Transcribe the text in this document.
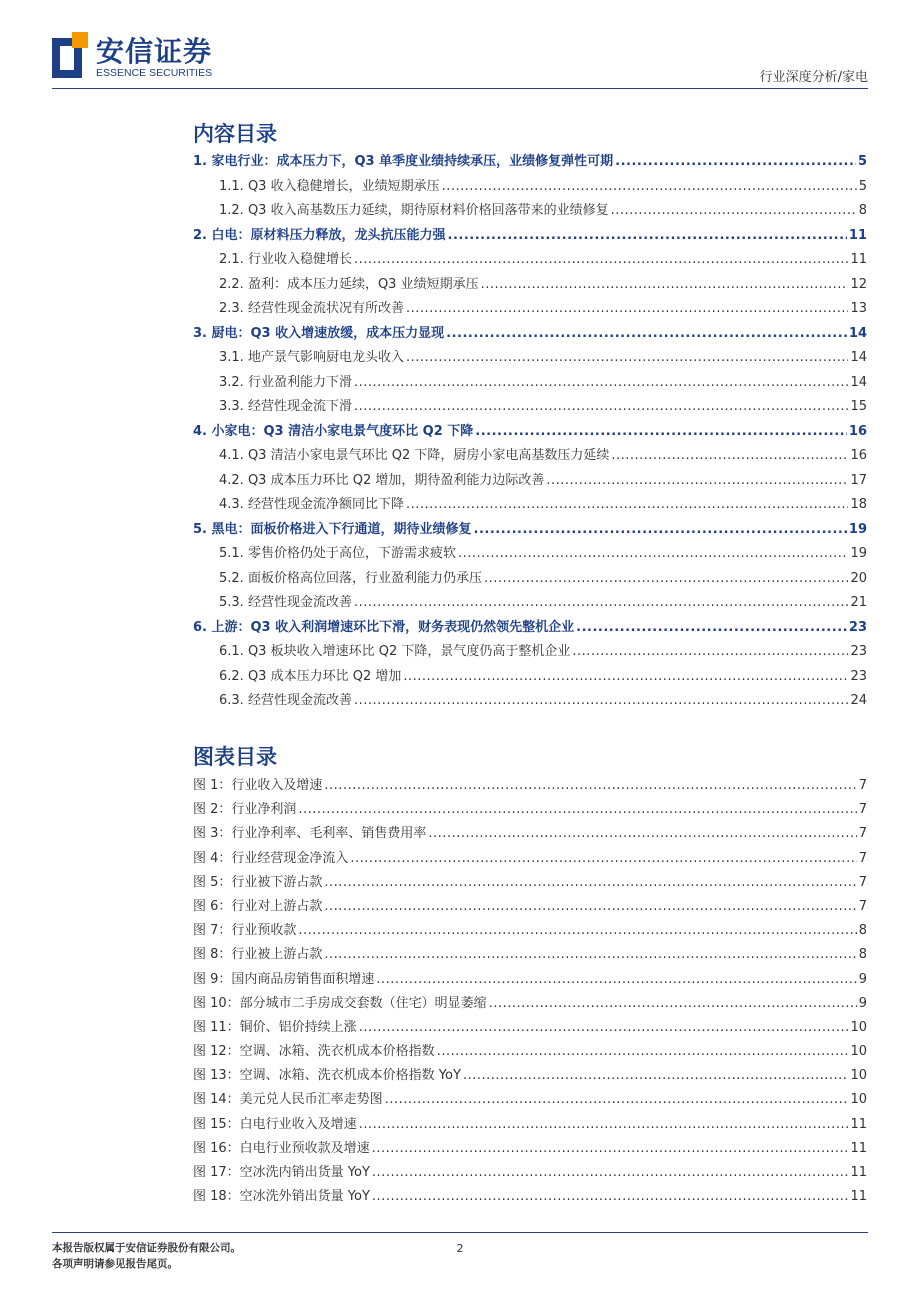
安信证券
ESSENCE SECURITIES	行业深度分析/家电
内容目录
1. 家电行业：成本压力下，Q3 单季度业绩持续承压，业绩修复弹性可期 .....	5
1.1. Q3 收入稳健增长，业绩短期承压 .....	5
1.2. Q3 收入高基数压力延续，期待原材料价格回落带来的业绩修复 .....	8
2. 白电：原材料压力释放，龙头抗压能力强 .....	11
2.1. 行业收入稳健增长 .....	11
2.2. 盈利：成本压力延续，Q3 业绩短期承压 .....	12
2.3. 经营性现金流状况有所改善 .....	13
3. 厨电：Q3 收入增速放缓，成本压力显现 .....	14
3.1. 地产景气影响厨电龙头收入 .....	14
3.2. 行业盈利能力下滑 .....	14
3.3. 经营性现金流下滑 .....	15
4. 小家电：Q3 清洁小家电景气度环比 Q2 下降 .....	16
4.1. Q3 清洁小家电景气环比 Q2 下降，厨房小家电高基数压力延续 .....	16
4.2. Q3 成本压力环比 Q2 增加，期待盈利能力边际改善 .....	17
4.3. 经营性现金流净额同比下降 .....	18
5. 黑电：面板价格进入下行通道，期待业绩修复 .....	19
5.1. 零售价格仍处于高位，下游需求疲软 .....	19
5.2. 面板价格高位回落，行业盈利能力仍承压 .....	20
5.3. 经营性现金流改善 .....	21
6. 上游：Q3 收入利润增速环比下滑，财务表现仍然领先整机企业 .....	23
6.1. Q3 板块收入增速环比 Q2 下降，景气度仍高于整机企业 .....	23
6.2. Q3 成本压力环比 Q2 增加 .....	23
6.3. 经营性现金流改善 .....	24
图表目录
图 1：行业收入及增速 .....	7
图 2：行业净利润 .....	7
图 3：行业净利率、毛利率、销售费用率 .....	7
图 4：行业经营现金净流入 .....	7
图 5：行业被下游占款 .....	7
图 6：行业对上游占款 .....	7
图 7：行业预收款 .....	8
图 8：行业被上游占款 .....	8
图 9：国内商品房销售面积增速 .....	9
图 10：部分城市二手房成交套数（住宅）明显萎缩 .....	9
图 11：铜价、铝价持续上涨 .....	10
图 12：空调、冰箱、洗衣机成本价格指数 .....	10
图 13：空调、冰箱、洗衣机成本价格指数 YoY .....	10
图 14：美元兑人民币汇率走势图 .....	10
图 15：白电行业收入及增速 .....	11
图 16：白电行业预收款及增速 .....	11
图 17：空冰洗内销出货量 YoY .....	11
图 18：空冰洗外销出货量 YoY .....	11
本报告版权属于安信证券股份有限公司。
各项声明请参见报告尾页。
2
